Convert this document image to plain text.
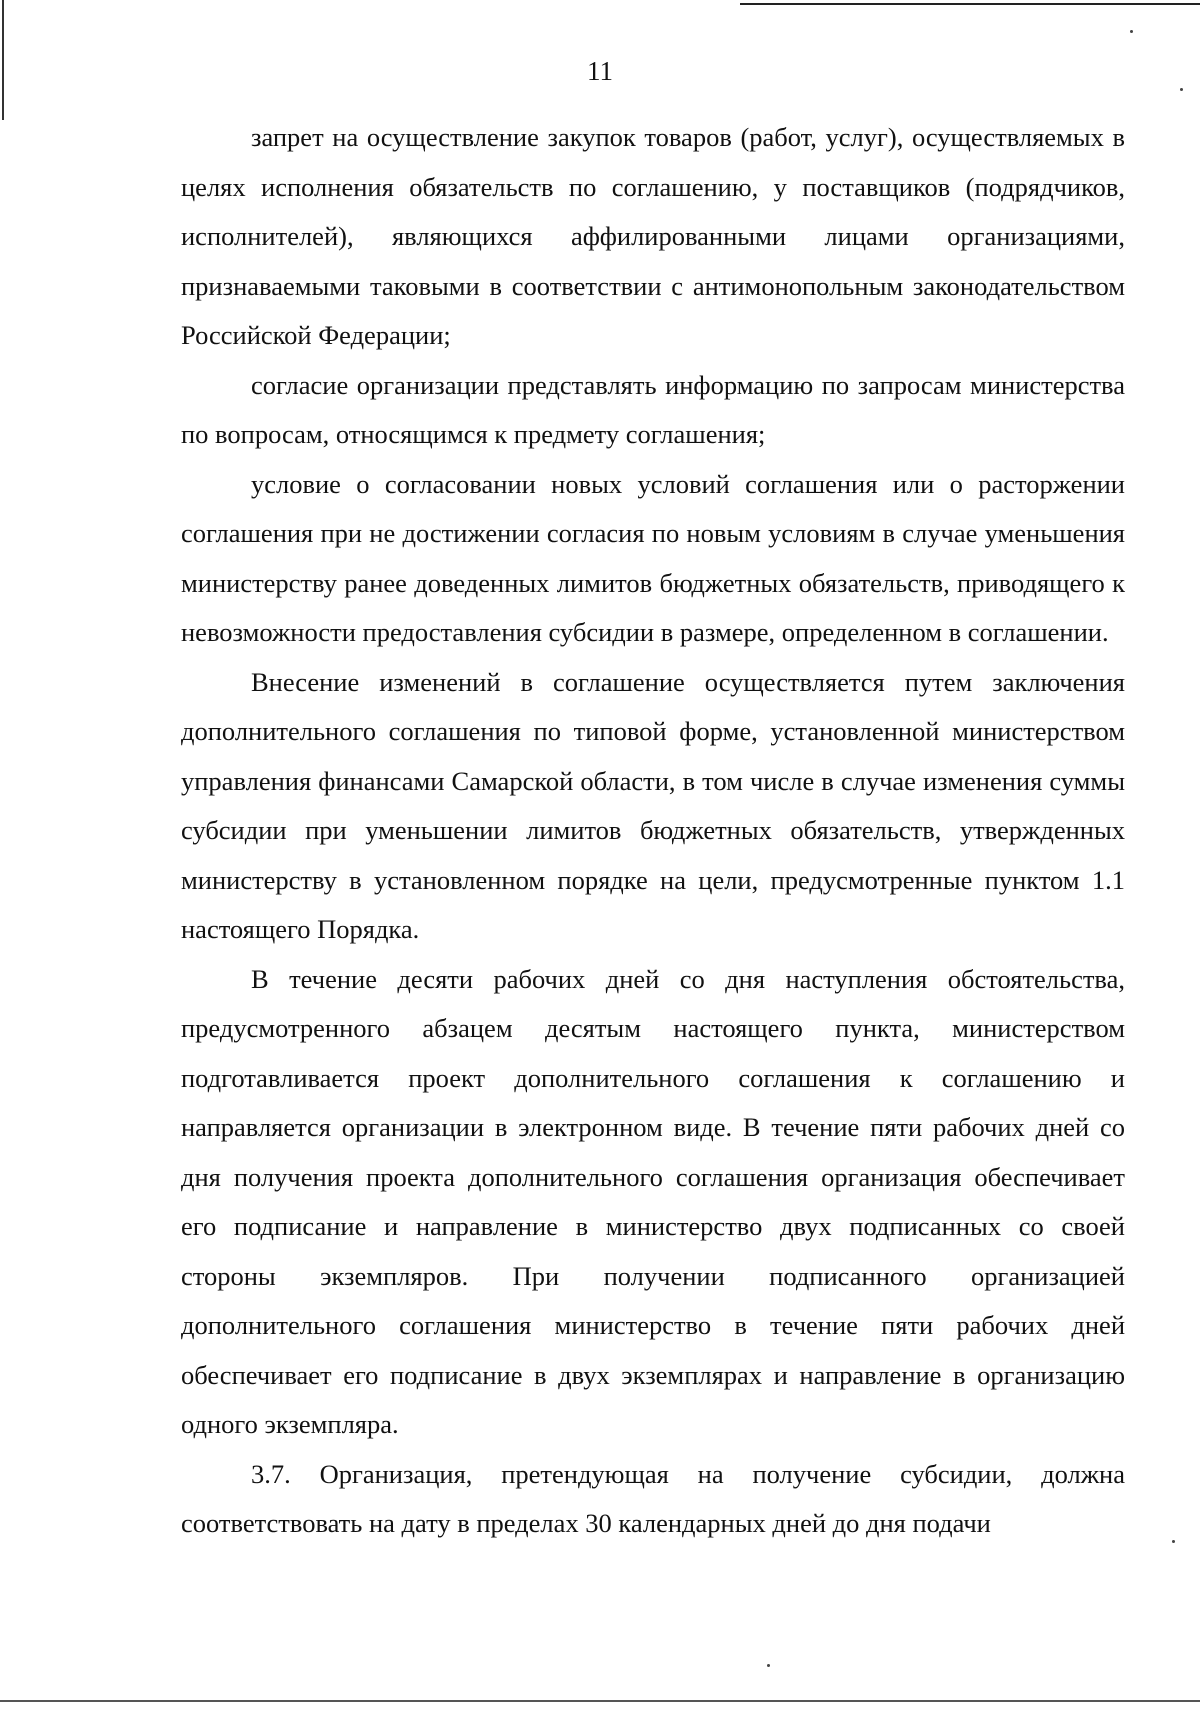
11

запрет на осуществление закупок товаров (работ, услуг), осуществляемых в целях исполнения обязательств по соглашению, у поставщиков (подрядчиков, исполнителей), являющихся аффилированными лицами организациями, признаваемыми таковыми в соответствии с антимонопольным законодательством Российской Федерации;

согласие организации представлять информацию по запросам министерства по вопросам, относящимся к предмету соглашения;

условие о согласовании новых условий соглашения или о расторжении соглашения при не достижении согласия по новым условиям в случае уменьшения министерству ранее доведенных лимитов бюджетных обязательств, приводящего к невозможности предоставления субсидии в размере, определенном в соглашении.

Внесение изменений в соглашение осуществляется путем заключения дополнительного соглашения по типовой форме, установленной министерством управления финансами Самарской области, в том числе в случае изменения суммы субсидии при уменьшении лимитов бюджетных обязательств, утвержденных министерству в установленном порядке на цели, предусмотренные пунктом 1.1 настоящего Порядка.

В течение десяти рабочих дней со дня наступления обстоятельства, предусмотренного абзацем десятым настоящего пункта, министерством подготавливается проект дополнительного соглашения к соглашению и направляется организации в электронном виде. В течение пяти рабочих дней со дня получения проекта дополнительного соглашения организация обеспечивает его подписание и направление в министерство двух подписанных со своей стороны экземпляров. При получении подписанного организацией дополнительного соглашения министерство в течение пяти рабочих дней обеспечивает его подписание в двух экземплярах и направление в организацию одного экземпляра.

3.7. Организация, претендующая на получение субсидии, должна соответствовать на дату в пределах 30 календарных дней до дня подачи
